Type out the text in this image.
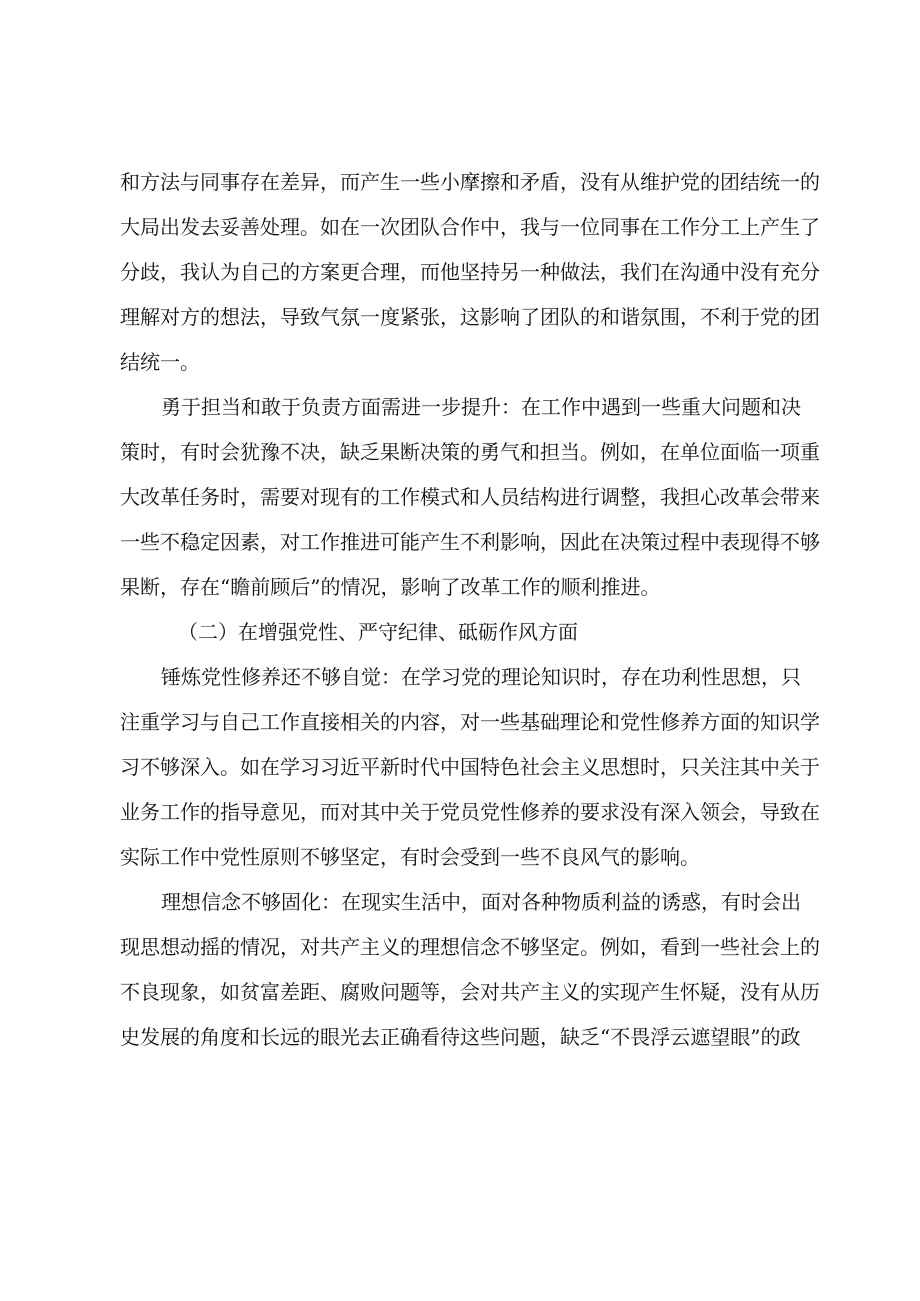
和方法与同事存在差异，而产生一些小摩擦和矛盾，没有从维护党的团结统一的
大局出发去妥善处理。如在一次团队合作中，我与一位同事在工作分工上产生了
分歧，我认为自己的方案更合理，而他坚持另一种做法，我们在沟通中没有充分
理解对方的想法，导致气氛一度紧张，这影响了团队的和谐氛围，不利于党的团
结统一。
勇于担当和敢于负责方面需进一步提升：在工作中遇到一些重大问题和决
策时，有时会犹豫不决，缺乏果断决策的勇气和担当。例如，在单位面临一项重
大改革任务时，需要对现有的工作模式和人员结构进行调整，我担心改革会带来
一些不稳定因素，对工作推进可能产生不利影响，因此在决策过程中表现得不够
果断，存在“瞻前顾后”的情况，影响了改革工作的顺利推进。
（二）在增强党性、严守纪律、砥砺作风方面
锤炼党性修养还不够自觉：在学习党的理论知识时，存在功利性思想，只
注重学习与自己工作直接相关的内容，对一些基础理论和党性修养方面的知识学
习不够深入。如在学习习近平新时代中国特色社会主义思想时，只关注其中关于
业务工作的指导意见，而对其中关于党员党性修养的要求没有深入领会，导致在
实际工作中党性原则不够坚定，有时会受到一些不良风气的影响。
理想信念不够固化：在现实生活中，面对各种物质利益的诱惑，有时会出
现思想动摇的情况，对共产主义的理想信念不够坚定。例如，看到一些社会上的
不良现象，如贫富差距、腐败问题等，会对共产主义的实现产生怀疑，没有从历
史发展的角度和长远的眼光去正确看待这些问题，缺乏“不畏浮云遮望眼”的政
